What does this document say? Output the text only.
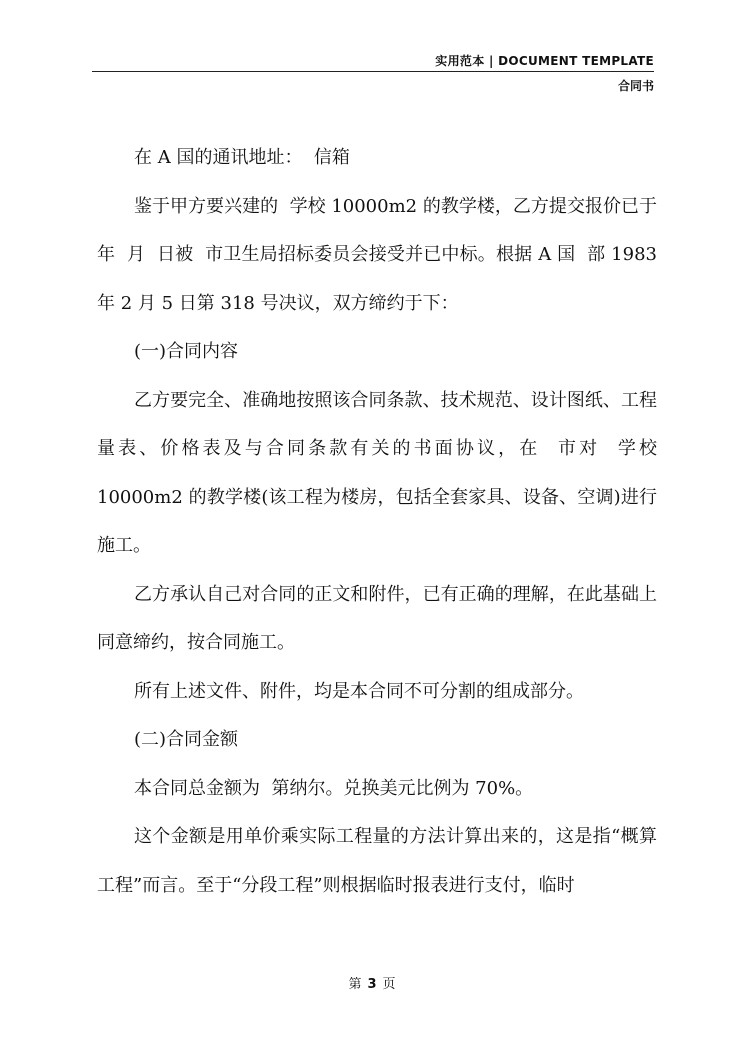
实用范本 | DOCUMENT TEMPLATE
合同书

在 A 国的通讯地址：  信箱

鉴于甲方要兴建的  学校 10000m2 的教学楼，乙方提交报价已于年  月  日被  市卫生局招标委员会接受并已中标。根据 A 国  部 1983 年 2 月 5 日第 318 号决议，双方缔约于下：

(一)合同内容

乙方要完全、准确地按照该合同条款、技术规范、设计图纸、工程量表、价格表及与合同条款有关的书面协议，在  市对  学校 10000m2 的教学楼(该工程为楼房，包括全套家具、设备、空调)进行施工。

乙方承认自己对合同的正文和附件，已有正确的理解，在此基础上同意缔约，按合同施工。

所有上述文件、附件，均是本合同不可分割的组成部分。

(二)合同金额

本合同总金额为  第纳尔。兑换美元比例为 70%。

这个金额是用单价乘实际工程量的方法计算出来的，这是指“概算工程”而言。至于“分段工程”则根据临时报表进行支付，临时

第 3 页
